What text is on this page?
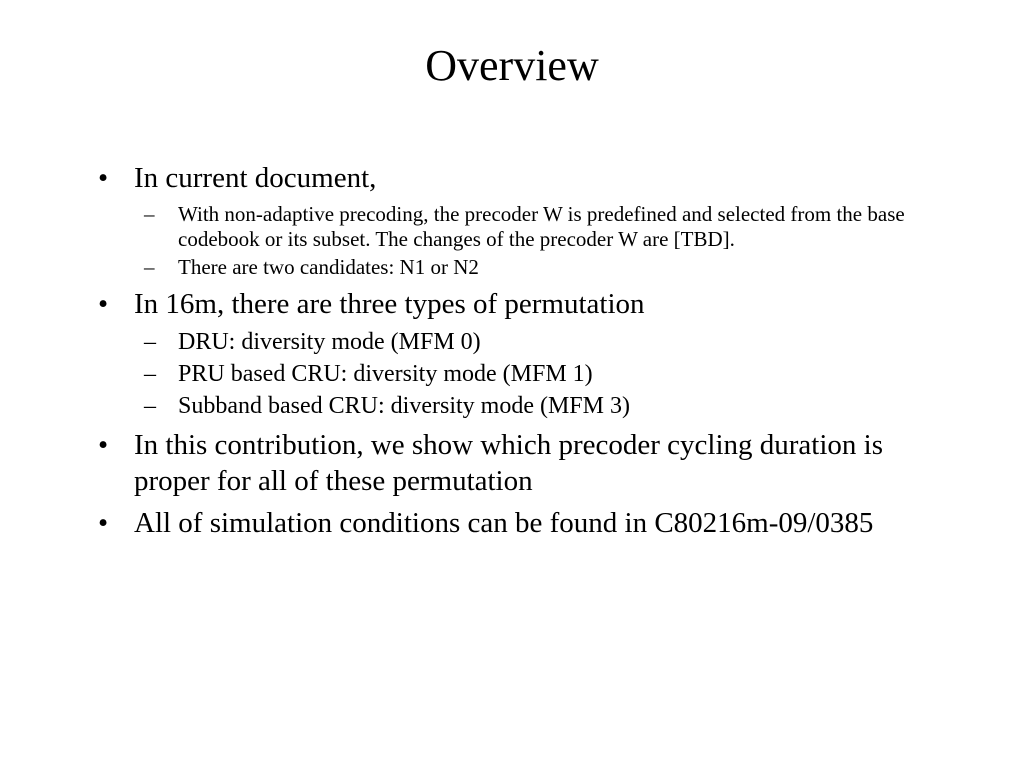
Overview
• In current document,
– With non-adaptive precoding, the precoder W is predefined and selected from the base codebook or its subset. The changes of the precoder W are [TBD].
– There are two candidates: N1 or N2
• In 16m, there are three types of permutation
– DRU: diversity mode (MFM 0)
– PRU based CRU: diversity mode (MFM 1)
– Subband based CRU: diversity mode (MFM 3)
• In this contribution, we show which precoder cycling duration is proper for all of these permutation
• All of simulation conditions can be found in C80216m-09/0385
